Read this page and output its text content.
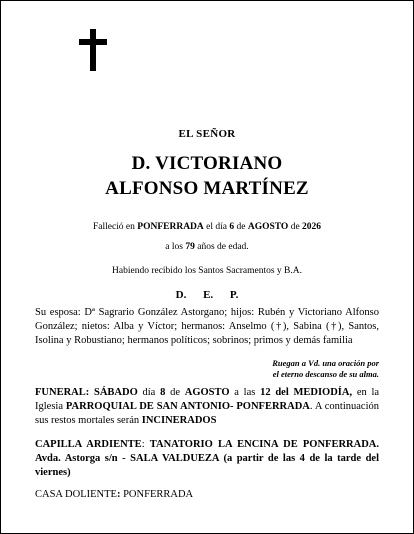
EL SEÑOR
D. VICTORIANO
ALFONSO MARTÍNEZ
Falleció en PONFERRADA el día 6 de AGOSTO de 2026
a los 79 años de edad.
Habiendo recibido los Santos Sacramentos y B.A.
D. E. P.
Su esposa: Dª Sagrario González Astorgano; hijos: Rubén y Victoriano Alfonso González; nietos: Alba y Víctor; hermanos: Anselmo (†), Sabina (†), Santos, Isolina y Robustiano; hermanos políticos; sobrinos; primos y demás familia
Ruegan a Vd. una oración por
el eterno descanso de su alma.
FUNERAL: SÁBADO día 8 de AGOSTO a las 12 del MEDIODÍA, en la Iglesia PARROQUIAL DE SAN ANTONIO- PONFERRADA. A continuación sus restos mortales serán INCINERADOS
CAPILLA ARDIENTE: TANATORIO LA ENCINA DE PONFERRADA. Avda. Astorga s/n - SALA VALDUEZA (a partir de las 4 de la tarde del viernes)
CASA DOLIENTE: PONFERRADA
